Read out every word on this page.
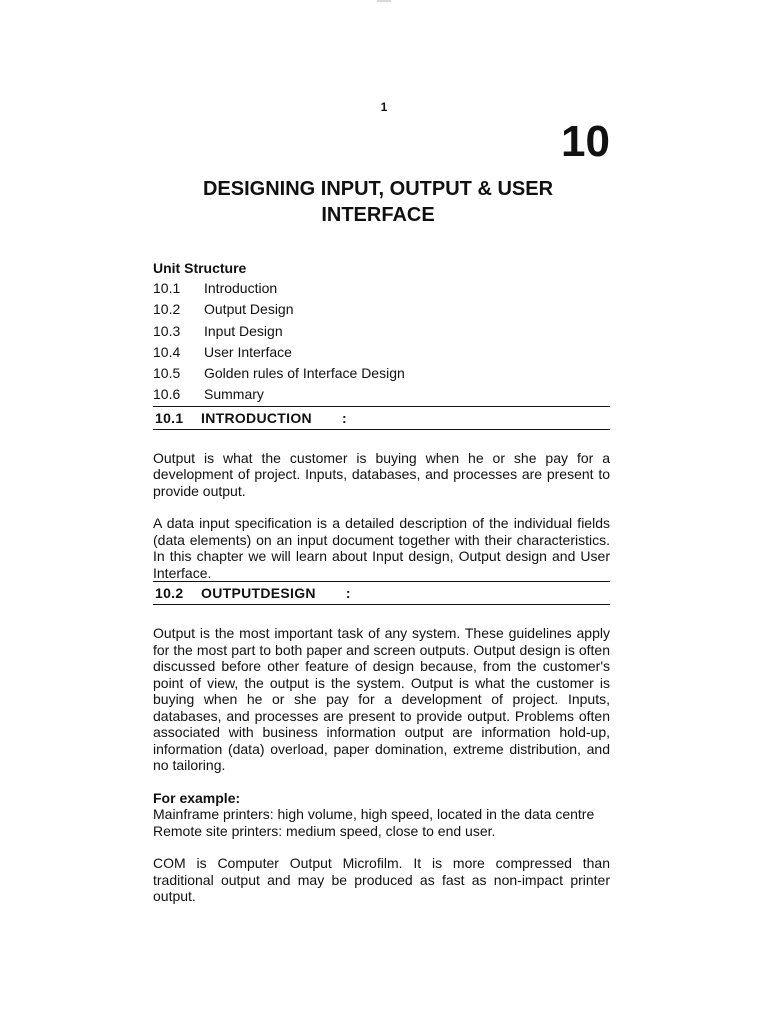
1
10
DESIGNING INPUT, OUTPUT & USER
INTERFACE

Unit Structure

10.1	Introduction
10.2	Output Design
10.3	Input Design
10.4	User Interface
10.5	Golden rules of Interface Design
10.6	Summary
10.1	INTRODUCTION :

Output is what the customer is buying when he or she pay for a development of project. Inputs, databases, and processes are present to provide output.

A data input specification is a detailed description of the individual fields (data elements) on an input document together with their characteristics. In this chapter we will learn about Input design, Output design and User Interface.

10.2	OUTPUTDESIGN :

Output is the most important task of any system. These guidelines apply for the most part to both paper and screen outputs. Output design is often discussed before other feature of design because, from the customer's point of view, the output is the system. Output is what the customer is buying when he or she pay for a development of project. Inputs, databases, and processes are present to provide output. Problems often associated with business information output are information hold-up, information (data) overload, paper domination, extreme distribution, and no tailoring.

For example:

Mainframe printers: high volume, high speed, located in the data centre

Remote site printers: medium speed, close to end user.

COM is Computer Output Microfilm. It is more compressed than traditional output and may be produced as fast as non-impact printer output.
